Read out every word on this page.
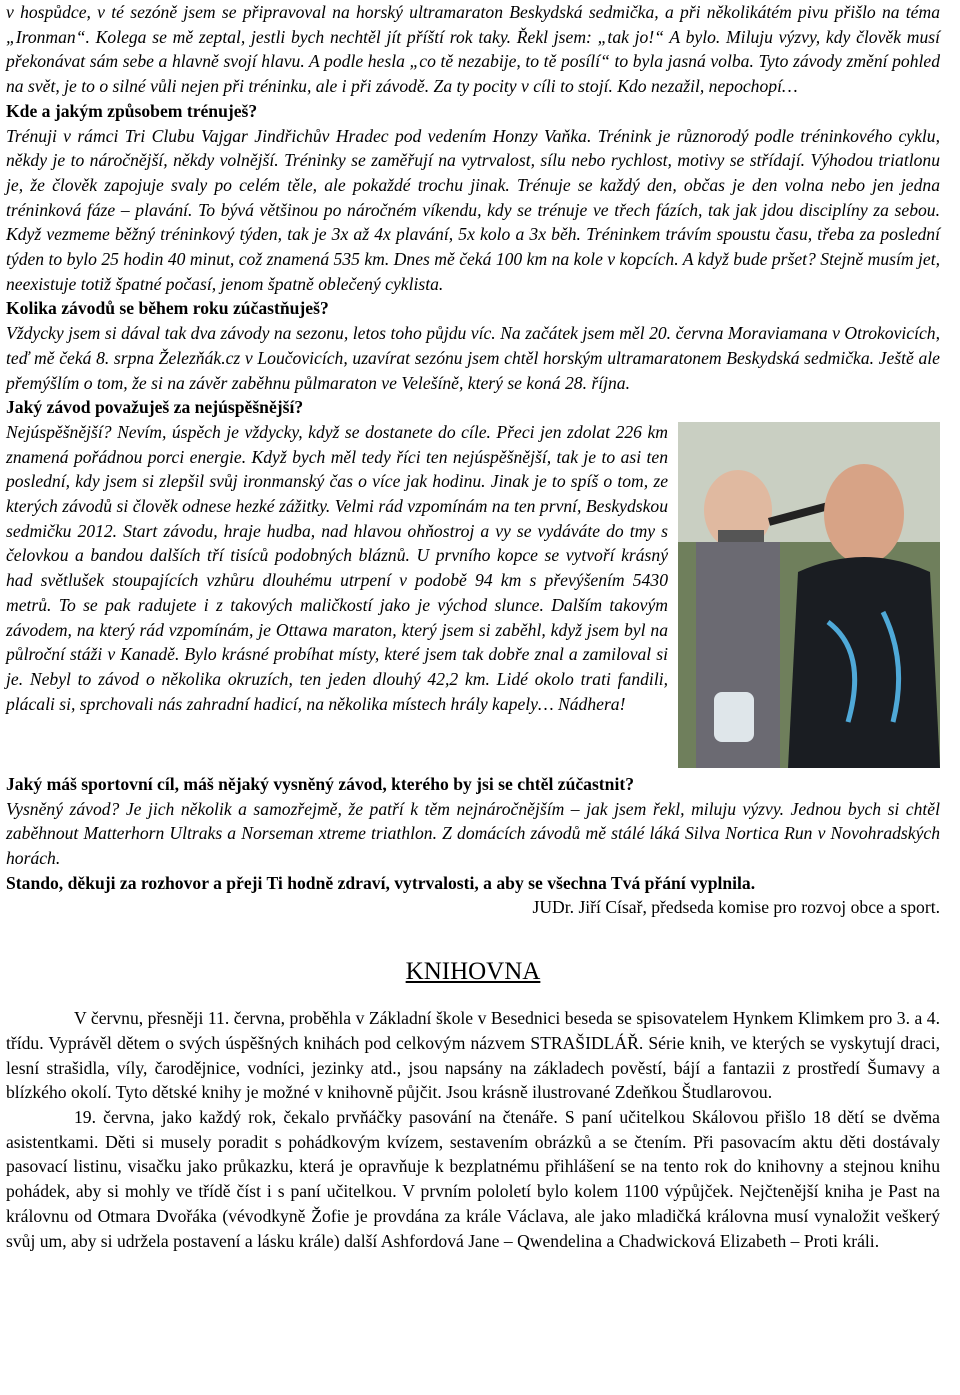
v hospůdce, v té sezóně jsem se připravoval na horský ultramaraton Beskydská sedmička, a při několikátém pivu přišlo na téma „Ironman“. Kolega se mě zeptal, jestli bych nechtěl jít příští rok taky. Řekl jsem: „tak jo!“ A bylo. Miluju výzvy, kdy člověk musí překonávat sám sebe a hlavně svojí hlavu. A podle hesla „co tě nezabije, to tě posílí“ to byla jasná volba. Tyto závody změní pohled na svět, je to o silné vůli nejen při tréninku, ale i při závodě. Za ty pocity v cíli to stojí. Kdo nezažil, nepochopí…

Kde a jakým způsobem trénuješ?

Trénuji v rámci Tri Clubu Vajgar Jindřichův Hradec pod vedením Honzy Vaňka. Trénink je různorodý podle tréninkového cyklu, někdy je to náročnější, někdy volnější. Tréninky se zaměřují na vytrvalost, sílu nebo rychlost, motivy se střídají. Výhodou triatlonu je, že člověk zapojuje svaly po celém těle, ale pokaždé trochu jinak. Trénuje se každý den, občas je den volna nebo jen jedna tréninková fáze – plavání. To bývá většinou po náročném víkendu, kdy se trénuje ve třech fázích, tak jak jdou disciplíny za sebou. Když vezmeme běžný tréninkový týden, tak je 3x až 4x plavání, 5x kolo a 3x běh. Tréninkem trávím spoustu času, třeba za poslední týden to bylo 25 hodin 40 minut, což znamená 535 km. Dnes mě čeká 100 km na kole v kopcích. A když bude pršet? Stejně musím jet, neexistuje totiž špatné počasí, jenom špatně oblečený cyklista.

Kolika závodů se během roku zúčastňuješ?

Vždycky jsem si dával tak dva závody na sezonu, letos toho půjdu víc. Na začátek jsem měl 20. června Moraviamana v Otrokovicích, teď mě čeká 8. srpna Železňák.cz v Loučovicích, uzavírat sezónu jsem chtěl horským ultramaratonem Beskydská sedmička. Ještě ale přemýšlím o tom, že si na závěr zaběhnu půlmaraton ve Velešíně, který se koná 28. října.

Jaký závod považuješ za nejúspěšnější?

Nejúspěšnější? Nevím, úspěch je vždycky, když se dostanete do cíle. Přeci jen zdolat 226 km znamená pořádnou porci energie. Když bych měl tedy říci ten nejúspěšnější, tak je to asi ten poslední, kdy jsem si zlepšil svůj ironmanský čas o více jak hodinu. Jinak je to spíš o tom, ze kterých závodů si člověk odnese hezké zážitky. Velmi rád vzpomínám na ten první, Beskydskou sedmičku 2012. Start závodu, hraje hudba, nad hlavou ohňostroj a vy se vydáváte do tmy s čelovkou a bandou dalších tří tisíců podobných bláznů. U prvního kopce se vytvoří krásný had světlušek stoupajících vzhůru dlouhému utrpení v podobě 94 km s převýšením 5430 metrů. To se pak radujete i z takových maličkostí jako je východ slunce. Dalším takovým závodem, na který rád vzpomínám, je Ottawa maraton, který jsem si zaběhl, když jsem byl na půlroční stáži v Kanadě. Bylo krásné probíhat místy, které jsem tak dobře znal a zamiloval si je. Nebyl to závod o několika okruzích, ten jeden dlouhý 42,2 km. Lidé okolo trati fandili, plácali si, sprchovali nás zahradní hadicí, na několika místech hrály kapely… Nádhera!

Jaký máš sportovní cíl, máš nějaký vysněný závod, kterého by jsi se chtěl zúčastnit?

Vysněný závod? Je jich několik a samozřejmě, že patří k těm nejnáročnějším – jak jsem řekl, miluju výzvy. Jednou bych si chtěl zaběhnout Matterhorn Ultraks a Norseman xtreme triathlon. Z domácích závodů mě stálé láká Silva Nortica Run v Novohradských horách.

Stando, děkuji za rozhovor a přeji Ti hodně zdraví, vytrvalosti, a aby se všechna Tvá přání vyplnila.

JUDr. Jiří Císař, předseda komise pro rozvoj obce a sport.

KNIHOVNA

V červnu, přesněji 11. června, proběhla v Základní škole v Besednici beseda se spisovatelem Hynkem Klimkem pro 3. a 4. třídu. Vyprávěl dětem o svých úspěšných knihách pod celkovým názvem STRAŠIDLÁŘ. Série knih, ve kterých se vyskytují draci, lesní strašidla, víly, čarodějnice, vodníci, jezinky atd., jsou napsány na základech pověstí, bájí a fantazii z prostředí Šumavy a blízkého okolí. Tyto dětské knihy je možné v knihovně půjčit. Jsou krásně ilustrované Zdeňkou Študlarovou.

19. června, jako každý rok, čekalo prvňáčky pasování na čtenáře. S paní učitelkou Skálovou přišlo 18 dětí se dvěma asistentkami. Děti si musely poradit s pohádkovým kvízem, sestavením obrázků a se čtením. Při pasovacím aktu děti dostávaly pasovací listinu, visačku jako průkazku, která je opravňuje k bezplatnému přihlášení se na tento rok do knihovny a stejnou knihu pohádek, aby si mohly ve třídě číst i s paní učitelkou. V prvním pololetí bylo kolem 1100 výpůjček. Nejčtenější kniha je Past na královnu od Otmara Dvořáka (vévodkyně Žofie je provdána za krále Václava, ale jako mladičká královna musí vynaložit veškerý svůj um, aby si udržela postavení a lásku krále) další Ashfordová Jane – Qwendelina a Chadwicková Elizabeth – Proti králi.
